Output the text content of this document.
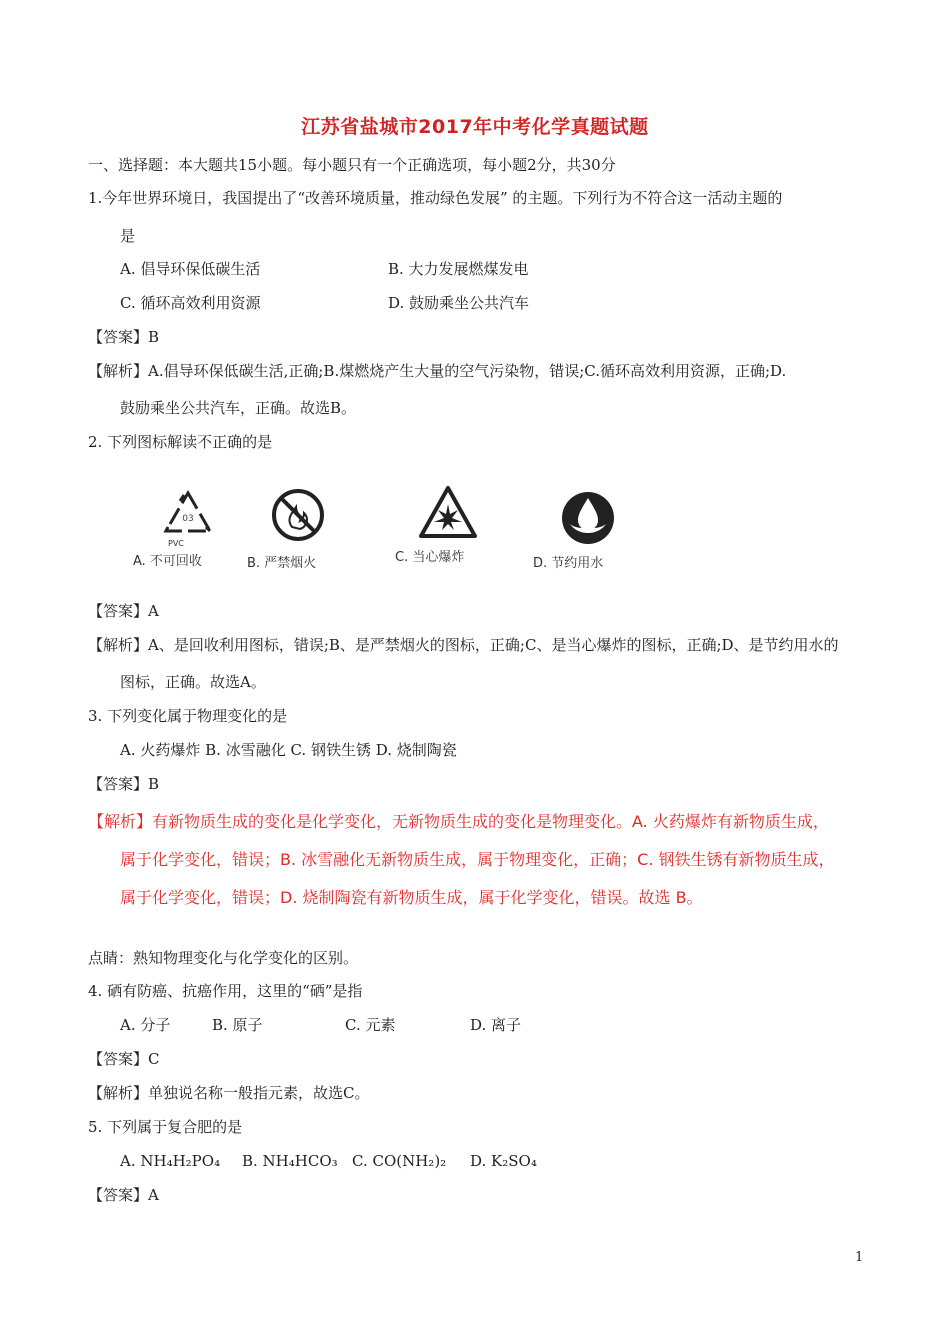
江苏省盐城市2017年中考化学真题试题
一、选择题：本大题共15小题。每小题只有一个正确选项，每小题2分，共30分
1.今年世界环境日，我国提出了“改善环境质量，推动绿色发展” 的主题。下列行为不符合这一活动主题的
是
A. 倡导环保低碳生活	B. 大力发展燃煤发电
C. 循环高效利用资源	D. 鼓励乘坐公共汽车
【答案】B
【解析】A.倡导环保低碳生活,正确;B.煤燃烧产生大量的空气污染物，错误;C.循环高效利用资源，正确;D.
鼓励乘坐公共汽车，正确。故选B。
2. 下列图标解读不正确的是
03
PVC
A. 不可回收	B. 严禁烟火	C. 当心爆炸	D. 节约用水
【答案】A
【解析】A、是回收利用图标，错误;B、是严禁烟火的图标，正确;C、是当心爆炸的图标，正确;D、是节约用水的
图标，正确。故选A。
3. 下列变化属于物理变化的是
A. 火药爆炸 B. 冰雪融化 C. 钢铁生锈 D. 烧制陶瓷
【答案】B
【解析】有新物质生成的变化是化学变化，无新物质生成的变化是物理变化。A. 火药爆炸有新物质生成，
属于化学变化，错误；B. 冰雪融化无新物质生成，属于物理变化，正确；C. 钢铁生锈有新物质生成，
属于化学变化，错误；D. 烧制陶瓷有新物质生成，属于化学变化，错误。故选 B。
点睛：熟知物理变化与化学变化的区别。
4. 硒有防癌、抗癌作用，这里的“硒”是指
A. 分子	B. 原子	C. 元素	D. 离子
【答案】C
【解析】单独说名称一般指元素，故选C。
5. 下列属于复合肥的是
A. NH₄H₂PO₄ B. NH₄HCO₃ C. CO(NH₂)₂ D. K₂SO₄
【答案】A
1
